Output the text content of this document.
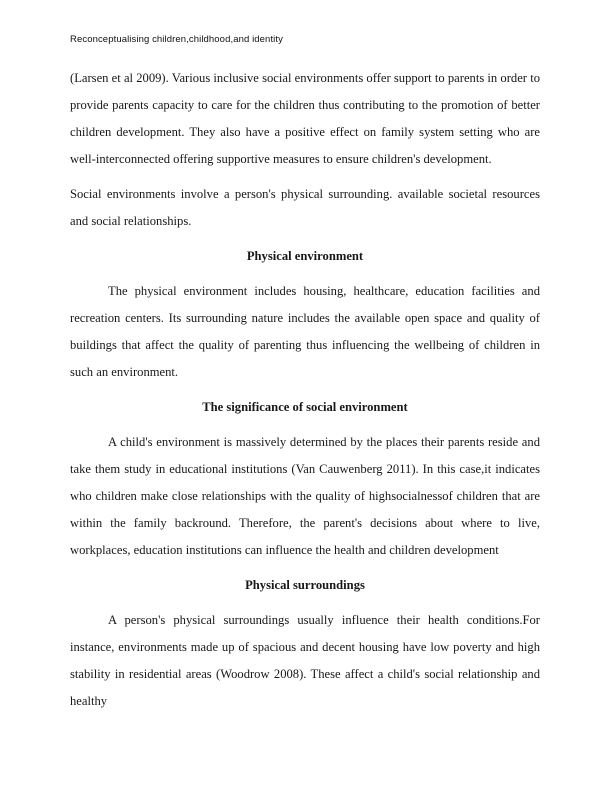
Reconceptualising children,childhood,and identity

(Larsen et al 2009). Various inclusive social environments offer support to parents in order to provide parents capacity to care for the children thus contributing to the promotion of better children development. They also have a positive effect on family system setting who are well-interconnected offering supportive measures to ensure children's development.

Social environments involve a person's physical surrounding. available societal resources and social relationships.

Physical environment

The physical environment includes housing, healthcare, education facilities and recreation centers. Its surrounding nature includes the available open space and quality of buildings that affect the quality of parenting thus influencing the wellbeing of children in such an environment.

The significance of social environment

A child's environment is massively determined by the places their parents reside and take them study in educational institutions (Van Cauwenberg 2011). In this case,it indicates who children make close relationships with the quality of highsocialnessof children that are within the family backround. Therefore, the parent's decisions about where to live, workplaces, education institutions can influence the health and children development

Physical surroundings

A person's physical surroundings usually influence their health conditions.For instance, environments made up of spacious and decent housing have low poverty and high stability in residential areas (Woodrow 2008). These affect a child's social relationship and healthy
